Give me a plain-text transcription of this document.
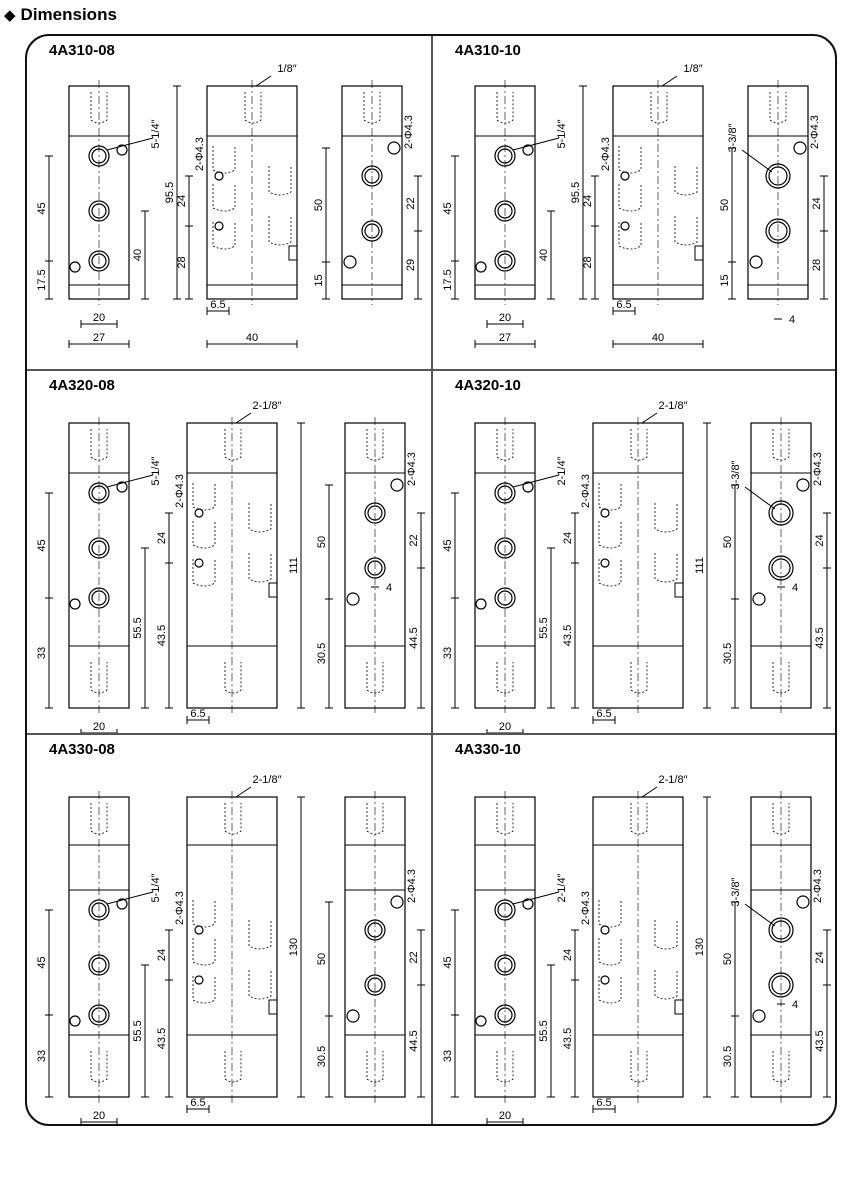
◆ Dimensions
4A310-08
5-1/4″
45
17.5
40
20
27
1/8″
2-Φ4.3
24
28
95.5
6.5
40
2-Φ4.3
50	22
29
15
4A310-10
5-1/4″
45
17.5
40
20
27
1/8″
2-Φ4.3
24
28
95.5
6.5
40
2-Φ4.3
3-3/8″
50	24
28
15
4
4A320-08
5-1/4″
45
33
55.5
20
2-1/8″
2-Φ4.3
24
43.5
6.5
2-Φ4.3
50	22
44.5
30.5
111
4
4A320-10
2-1/4″
45
33
55.5
20
2-1/8″
2-Φ4.3
24
43.5
6.5
2-Φ4.3
3-3/8″
50	24
43.5
30.5
111
4
4A330-08
5-1/4″
45
33
55.5
20
2-1/8″
2-Φ4.3
24
43.5
6.5
2-Φ4.3
50	22
44.5
30.5
130
4A330-10
2-1/4″
45
33
55.5
20
2-1/8″
2-Φ4.3
24
43.5
6.5
2-Φ4.3
3-3/8″
50	24
43.5
30.5
130
4
